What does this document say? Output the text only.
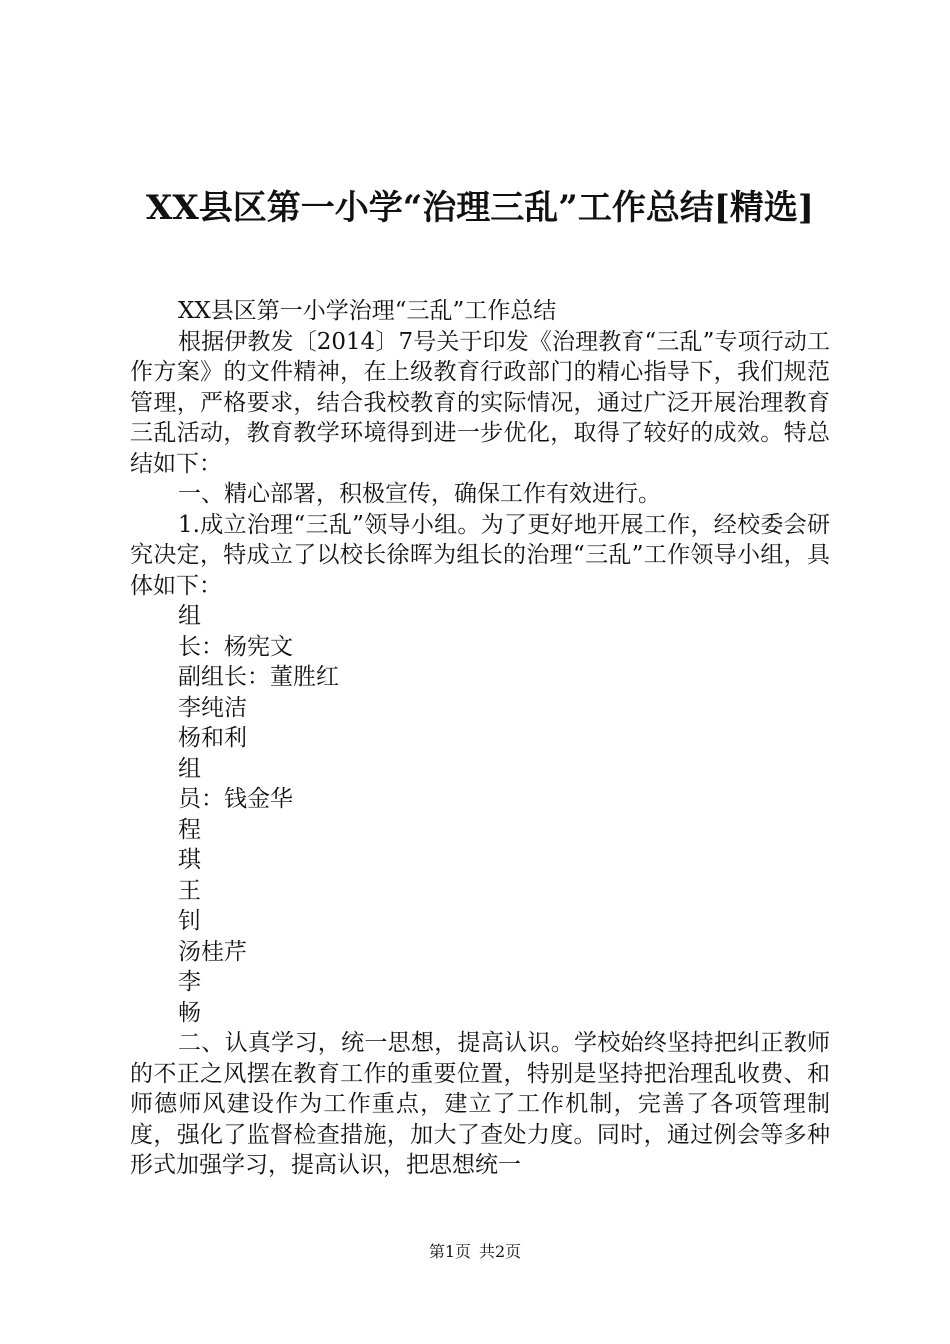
XX县区第一小学“治理三乱”工作总结[精选]

XX县区第一小学治理“三乱”工作总结

根据伊教发〔2014〕7号关于印发《治理教育“三乱”专项行动工作方案》的文件精神，在上级教育行政部门的精心指导下，我们规范管理，严格要求，结合我校教育的实际情况，通过广泛开展治理教育三乱活动，教育教学环境得到进一步优化，取得了较好的成效。特总结如下：

一、精心部署，积极宣传，确保工作有效进行。

1.成立治理“三乱”领导小组。为了更好地开展工作，经校委会研究决定，特成立了以校长徐晖为组长的治理“三乱”工作领导小组，具体如下：

组

长：杨宪文

副组长：董胜红

李纯洁

杨和利

组

员：钱金华

程

琪

王

钊

汤桂芹

李

畅

二、认真学习，统一思想，提高认识。学校始终坚持把纠正教师的不正之风摆在教育工作的重要位置，特别是坚持把治理乱收费、和师德师风建设作为工作重点，建立了工作机制，完善了各项管理制度，强化了监督检查措施，加大了查处力度。同时，通过例会等多种形式加强学习，提高认识，把思想统一

第1页 共2页
